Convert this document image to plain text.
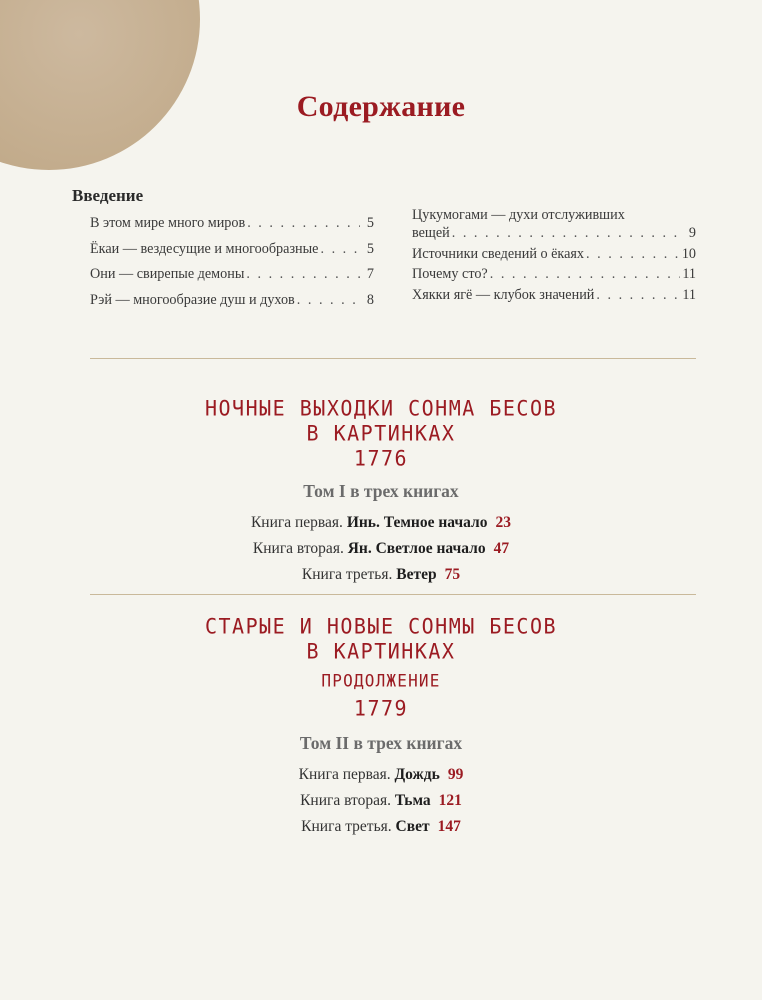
Содержание
Введение
В этом мире много миров . . .	5
Ёкаи — вездесущие и многообразные . . .	5
Они — свирепые демоны . . .	7
Рэй — многообразие душ и духов . . .	8
Цукумогами — духи отслуживших
вещей . . .	9
Источники сведений о ёкаях . . .	10
Почему сто? . . .	11
Хякки ягё — клубок значений . . .	11
НОЧНЫЕ ВЫХОДКИ СОНМА БЕСОВ
В КАРТИНКАХ
1776
Том I в трех книгах
Книга первая. Инь. Темное начало 23
Книга вторая. Ян. Светлое начало 47
Книга третья. Ветер 75
СТАРЫЕ И НОВЫЕ СОНМЫ БЕСОВ
В КАРТИНКАХ
ПРОДОЛЖЕНИЕ
1779
Том II в трех книгах
Книга первая. Дождь 99
Книга вторая. Тьма 121
Книга третья. Свет 147
